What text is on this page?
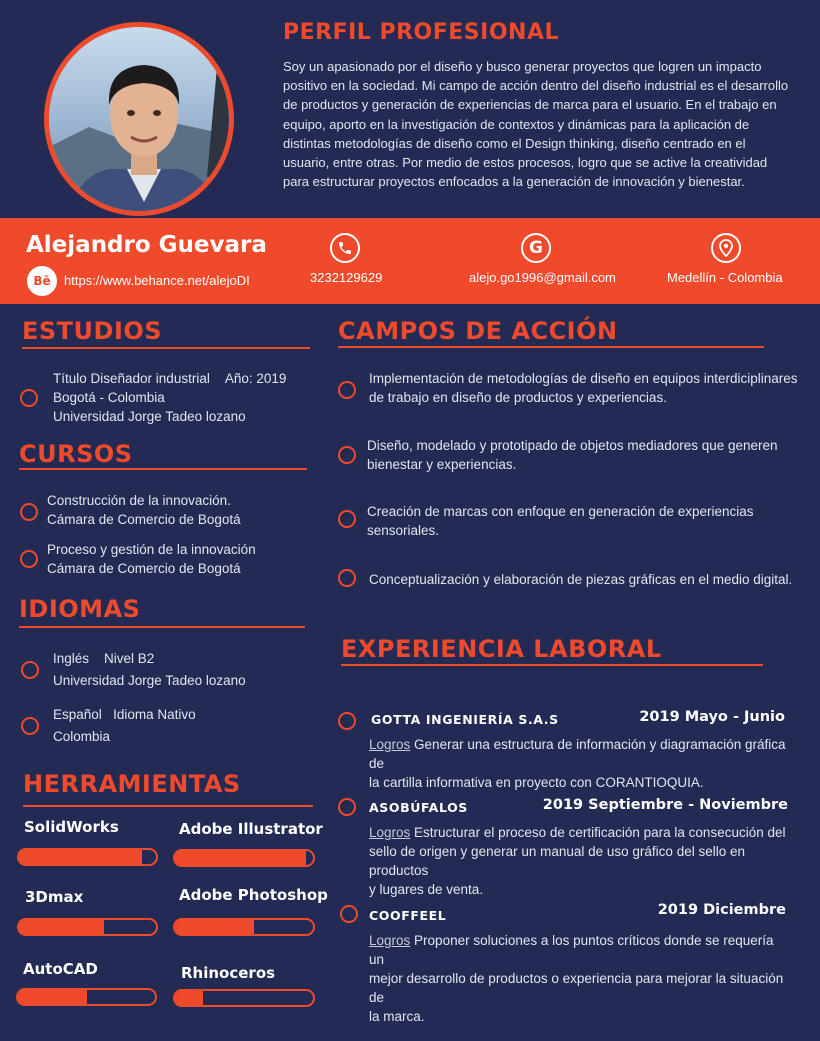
PERFIL PROFESIONAL
Soy un apasionado por el diseño y busco generar proyectos que logren un impacto positivo en la sociedad. Mi campo de acción dentro del diseño industrial es el desarrollo de productos y generación de experiencias de marca para el usuario. En el trabajo en equipo, aporto en la investigación de contextos y dinámicas para la aplicación de distintas metodologías de diseño como el Design thinking, diseño centrado en el usuario, entre otras. Por medio de estos procesos, logro que se active la creatividad para estructurar proyectos enfocados a la generación de innovación y bienestar.
Alejandro Guevara
Bē	https://www.behance.net/alejoDI	3232129629
G
alejo.go1996@gmail.com	Medellín - Colombia
ESTUDIOS
Título Diseñador industrial Año: 2019
Bogotá - Colombia
Universidad Jorge Tadeo lozano
CURSOS
Construcción de la innovación.
Cámara de Comercio de Bogotá
Proceso y gestión de la innovación
Cámara de Comercio de Bogotá
IDIOMAS
Inglés Nivel B2
Universidad Jorge Tadeo lozano
Español Idioma Nativo
Colombia
HERRAMIENTAS
SolidWorks	Adobe Illustrator
3Dmax	Adobe Photoshop
AutoCAD	Rhinoceros
CAMPOS DE ACCIÓN
Implementación de metodologías de diseño en equipos interdiciplinares
de trabajo en diseño de productos y experiencias.
Diseño, modelado y prototipado de objetos mediadores que generen
bienestar y experiencias.
Creación de marcas con enfoque en generación de experiencias
sensoriales.
Conceptualización y elaboración de piezas gráficas en el medio digital.
EXPERIENCIA LABORAL
GOTTA INGENIERÍA S.A.S	2019 Mayo - Junio
Logros Generar una estructura de información y diagramación gráfica de
la cartilla informativa en proyecto con CORANTIOQUIA.
ASOBÚFALOS	2019 Septiembre - Noviembre
Logros Estructurar el proceso de certificación para la consecución del
sello de origen y generar un manual de uso gráfico del sello en productos
y lugares de venta.
COOFFEEL	2019 Diciembre
Logros Proponer soluciones a los puntos críticos donde se requería un
mejor desarrollo de productos o experiencia para mejorar la situación de
la marca.
